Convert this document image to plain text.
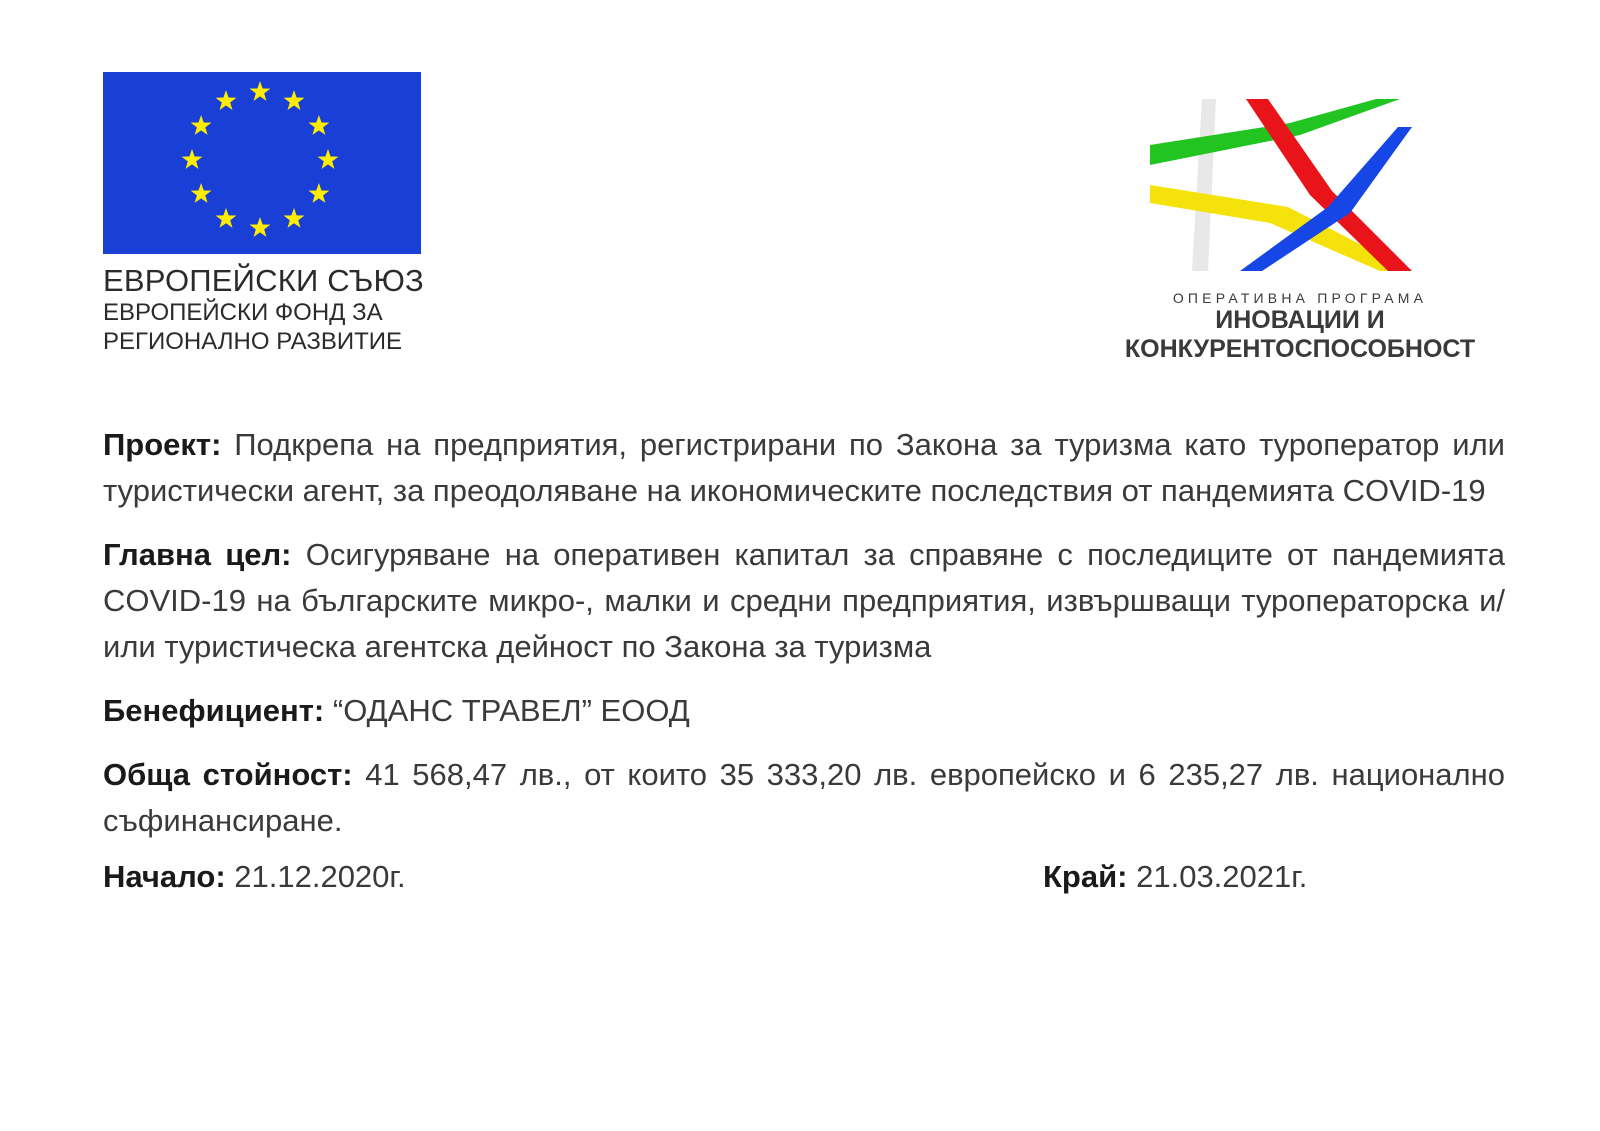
ЕВРОПЕЙСКИ СЪЮЗ
ЕВРОПЕЙСКИ ФОНД ЗА
РЕГИОНАЛНО РАЗВИТИЕ
ОПЕРАТИВНА ПРОГРАМА
ИНОВАЦИИ И
КОНКУРЕНТОСПОСОБНОСТ

Проект: Подкрепа на предприятия, регистрирани по Закона за туризма като туроператор или туристически агент, за преодоляване на икономическите последствия от пандемията COVID-19

Главна цел: Осигуряване на оперативен капитал за справяне с последиците от пандемията COVID-19 на българските микро-, малки и средни предприятия, извършващи туроператорска и/или туристическа агентска дейност по Закона за туризма

Бенефициент: “ОДАНС ТРАВЕЛ” ЕООД

Обща стойност: 41 568,47 лв., от които 35 333,20 лв. европейско и 6 235,27 лв. национално съфинансиране.

Начало: 21.12.2020г.	Край: 21.03.2021г.
